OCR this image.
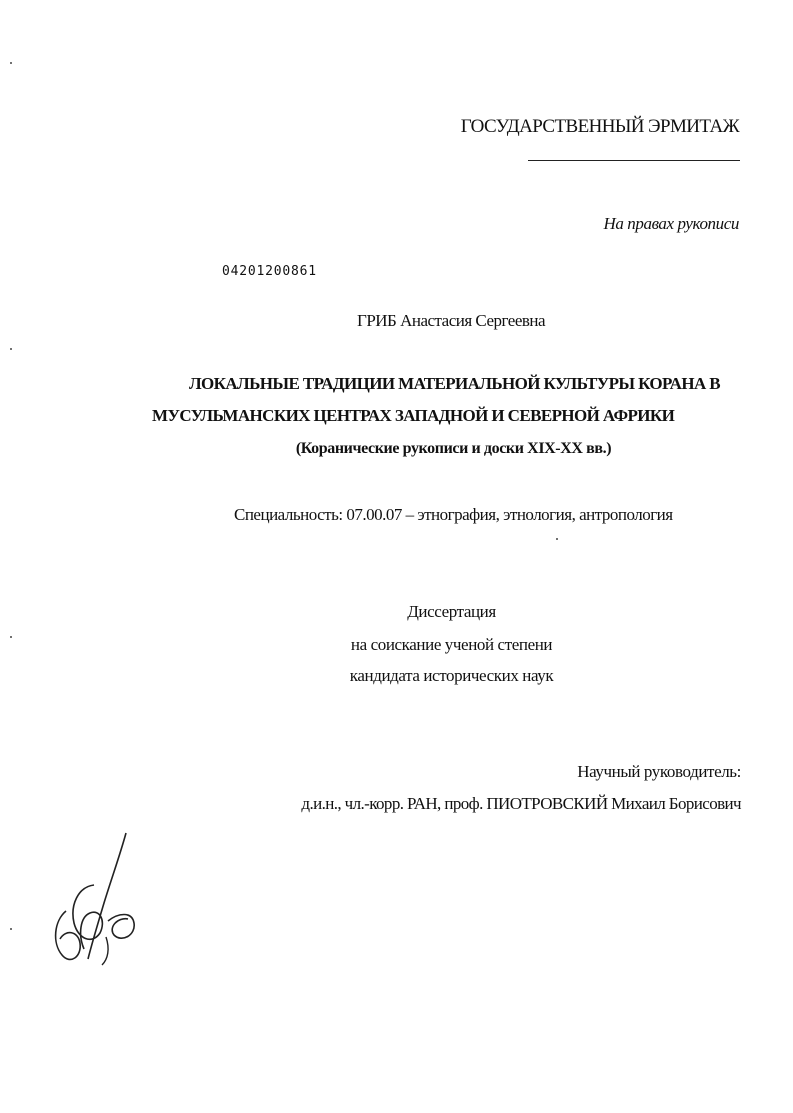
ГОСУДАРСТВЕННЫЙ ЭРМИТАЖ
На правах рукописи
04201200861
ГРИБ Анастасия Сергеевна
ЛОКАЛЬНЫЕ ТРАДИЦИИ МАТЕРИАЛЬНОЙ КУЛЬТУРЫ КОРАНА В
МУСУЛЬМАНСКИХ ЦЕНТРАХ ЗАПАДНОЙ И СЕВЕРНОЙ АФРИКИ
(Коранические рукописи и доски XIX-XX вв.)
Специальность: 07.00.07 – этнография, этнология, антропология
Диссертация
на соискание ученой степени
кандидата исторических наук
Научный руководитель:
д.и.н., чл.-корр. РАН, проф. ПИОТРОВСКИЙ Михаил Борисович
